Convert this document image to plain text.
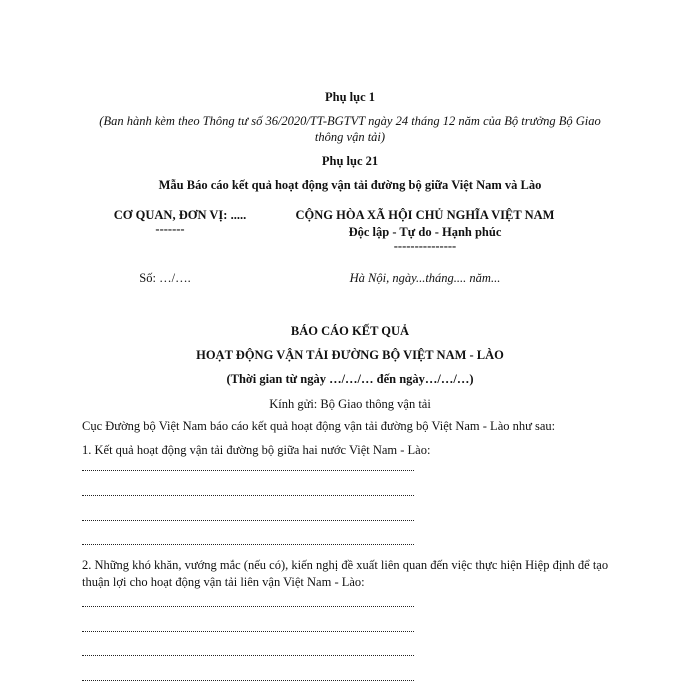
Phụ lục 1
(Ban hành kèm theo Thông tư số 36/2020/TT-BGTVT ngày 24 tháng 12 năm của Bộ trưởng Bộ Giao thông vận tải)
Phụ lục 21
Mẫu Báo cáo kết quả hoạt động vận tải đường bộ giữa Việt Nam và Lào
CƠ QUAN, ĐƠN VỊ: .....
-------
CỘNG HÒA XÃ HỘI CHỦ NGHĨA VIỆT NAM
Độc lập - Tự do - Hạnh phúc
---------------
Số: …/….	Hà Nội, ngày...tháng.... năm...
BÁO CÁO KẾT QUẢ
HOẠT ĐỘNG VẬN TẢI ĐƯỜNG BỘ VIỆT NAM - LÀO
(Thời gian từ ngày …/…/… đến ngày…/…/…)
Kính gửi: Bộ Giao thông vận tải
Cục Đường bộ Việt Nam báo cáo kết quả hoạt động vận tải đường bộ Việt Nam - Lào như sau:
1. Kết quả hoạt động vận tải đường bộ giữa hai nước Việt Nam - Lào:
2. Những khó khăn, vướng mắc (nếu có), kiến nghị đề xuất liên quan đến việc thực hiện Hiệp định để tạo
thuận lợi cho hoạt động vận tải liên vận Việt Nam - Lào:
